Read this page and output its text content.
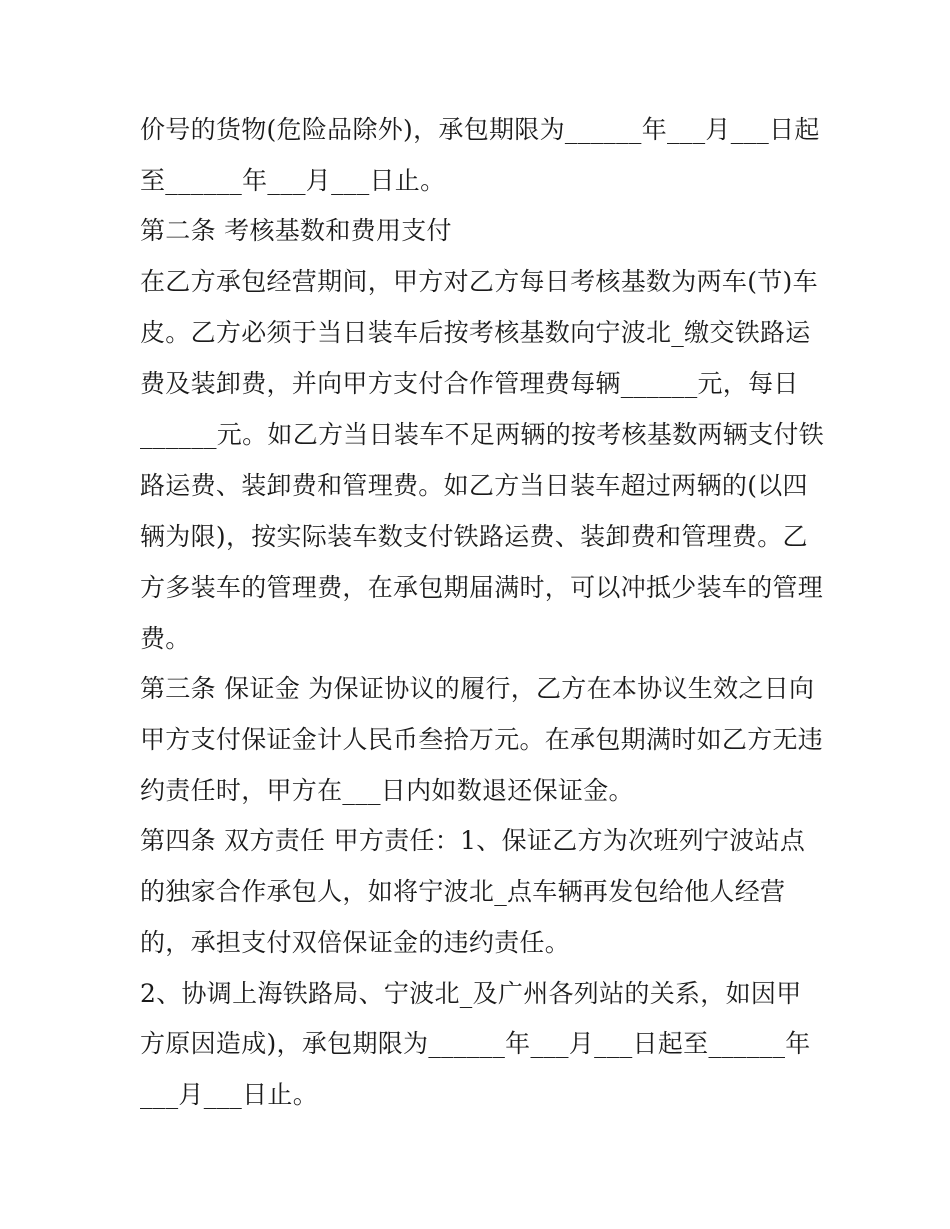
价号的货物(危险品除外)，承包期限为______年___月___日起
至______年___月___日止。
第二条 考核基数和费用支付
在乙方承包经营期间，甲方对乙方每日考核基数为两车(节)车
皮。乙方必须于当日装车后按考核基数向宁波北_缴交铁路运
费及装卸费，并向甲方支付合作管理费每辆______元，每日
______元。如乙方当日装车不足两辆的按考核基数两辆支付铁
路运费、装卸费和管理费。如乙方当日装车超过两辆的(以四
辆为限)，按实际装车数支付铁路运费、装卸费和管理费。乙
方多装车的管理费，在承包期届满时，可以冲抵少装车的管理
费。
第三条 保证金 为保证协议的履行，乙方在本协议生效之日向
甲方支付保证金计人民币叁拾万元。在承包期满时如乙方无违
约责任时，甲方在___日内如数退还保证金。
第四条 双方责任 甲方责任：1、保证乙方为次班列宁波站点
的独家合作承包人，如将宁波北_点车辆再发包给他人经营
的，承担支付双倍保证金的违约责任。
2、协调上海铁路局、宁波北_及广州各列站的关系，如因甲
方原因造成)，承包期限为______年___月___日起至______年
___月___日止。
